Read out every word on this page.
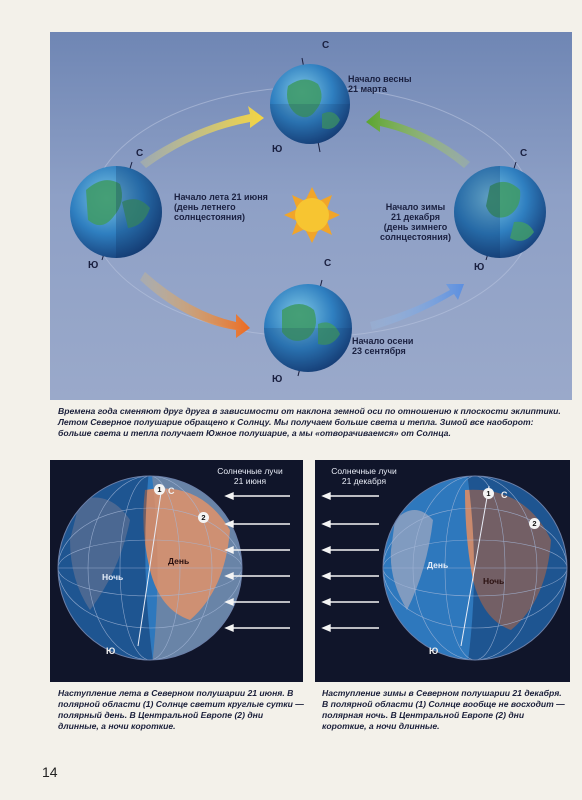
Начало весны
21 марта
Начало лета 21 июня
(день летнего
солнцестояния)
Начало зимы
21 декабря
(день зимнего
солнцестояния)
Начало осени
23 сентября
С
Ю
С
Ю
С
Ю
С
Ю
Времена года сменяют друг друга в зависимости от наклона земной оси по отношению к плоскости эклиптики. Летом Северное полушарие обращено к Солнцу. Мы получаем больше света и тепла. Зимой все наоборот: больше света и тепла получает Южное полушарие, а мы «отворачиваемся» от Солнца.
Солнечные лучи
21 июня
Ночь
День
С
Ю
1
2
Солнечные лучи
21 декабря
День
Ночь
С
Ю
1
2
Наступление лета в Северном полушарии 21 июня. В полярной области (1) Солнце светит круглые сутки — полярный день. В Центральной Европе (2) дни длинные, а ночи короткие.
Наступление зимы в Северном полушарии 21 декабря. В полярной области (1) Солнце вообще не восходит — полярная ночь. В Центральной Европе (2) дни короткие, а ночи длинные.
14
